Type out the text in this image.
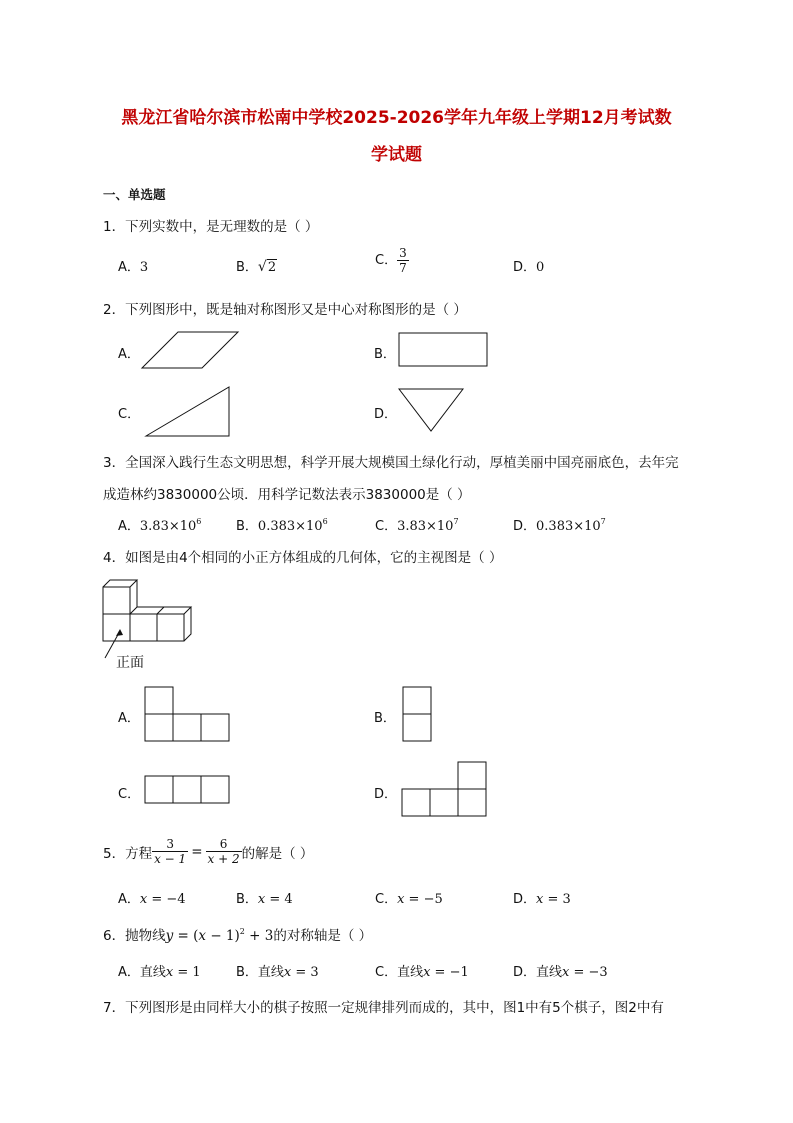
黑龙江省哈尔滨市松南中学校2025-2026学年九年级上学期12月考试数
学试题
一、单选题
1．下列实数中，是无理数的是（ ）
A．3	B．√2	C． $\frac{3}{7}$	D．0
2．下列图形中，既是轴对称图形又是中心对称图形的是（ ）
A．	B．
C．	D．
3．全国深入践行生态文明思想，科学开展大规模国土绿化行动，厚植美丽中国亮丽底色，去年完
成造林约3830000公顷．用科学记数法表示3830000是（ ）
A．$3.83\times 10^6$	B．$0.383\times 10^6$	C．$3.83\times 10^7$	D．$0.383\times 10^7$
4．如图是由4个相同的小正方体组成的几何体，它的主视图是（ ）
正面
A．	B．
C．	D．
5．方程 $\frac{3}{x - 1} = \frac{6}{x + 2}$ 的解是（ ）
A．x = −4	B．x = 4	C．x = −5	D．x = 3
6．抛物线$y = (x - 1)^2 + 3$的对称轴是（ ）
A．直线x = 1	B．直线x = 3	C．直线x = −1	D．直线x = −3
7．下列图形是由同样大小的棋子按照一定规律排列而成的，其中，图1中有5个棋子，图2中有
